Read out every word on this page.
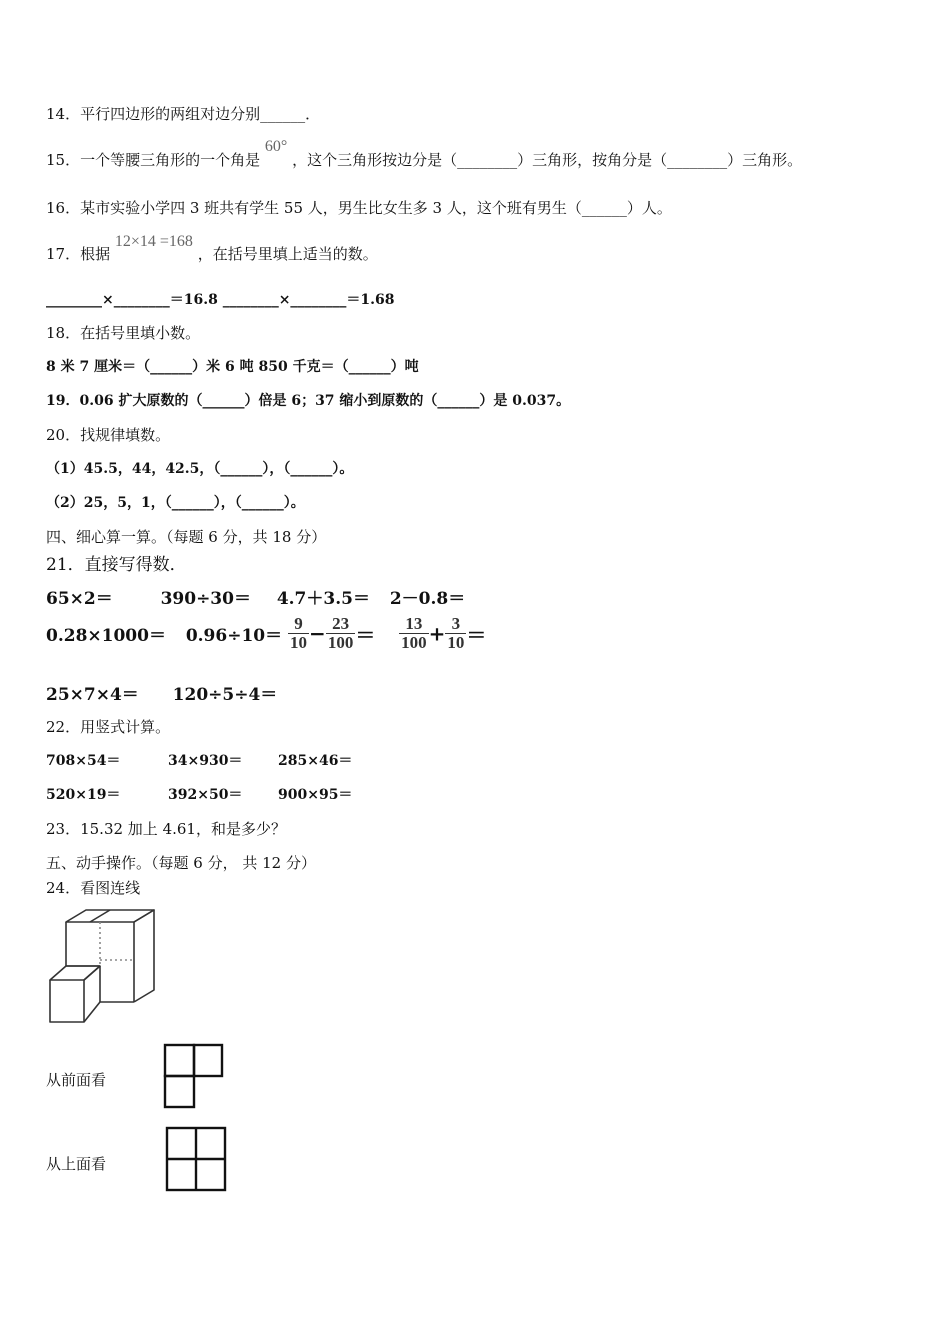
14．平行四边形的两组对边分别______．
15．一个等腰三角形的一个角是 60° ，这个三角形按边分是（________）三角形，按角分是（________）三角形。
16．某市实验小学四 3 班共有学生 55 人，男生比女生多 3 人，这个班有男生（______）人。
17．根据 12×14 =168 ，在括号里填上适当的数。
________×________＝16.8 ________×________＝1.68
18．在括号里填小数。
8 米 7 厘米＝（______）米 6 吨 850 千克＝（______）吨
19．0.06 扩大原数的（______）倍是 6；37 缩小到原数的（______）是 0.037。
20．找规律填数。
（1）45.5，44，42.5，（______），（______）。
（2）25，5，1，（______），（______）。
四、细心算一算。（每题 6 分，共 18 分）
21．直接写得数．
65×2＝	390÷30＝ 4.7＋3.5＝ 2－0.8＝
$0.28\times 1000= 0.96\div 10= \frac{9}{10} - \frac{23}{100} = \frac{13}{100} + \frac{3}{10}$ ＝
25×7×4＝ 120÷5÷4＝
22．用竖式计算。
708×54＝	34×930＝	285×46＝
520×19＝	392×50＝	900×95＝
23．15.32 加上 4.61，和是多少？
五、动手操作。（每题 6 分， 共 12 分）
24．看图连线
从前面看
从上面看
